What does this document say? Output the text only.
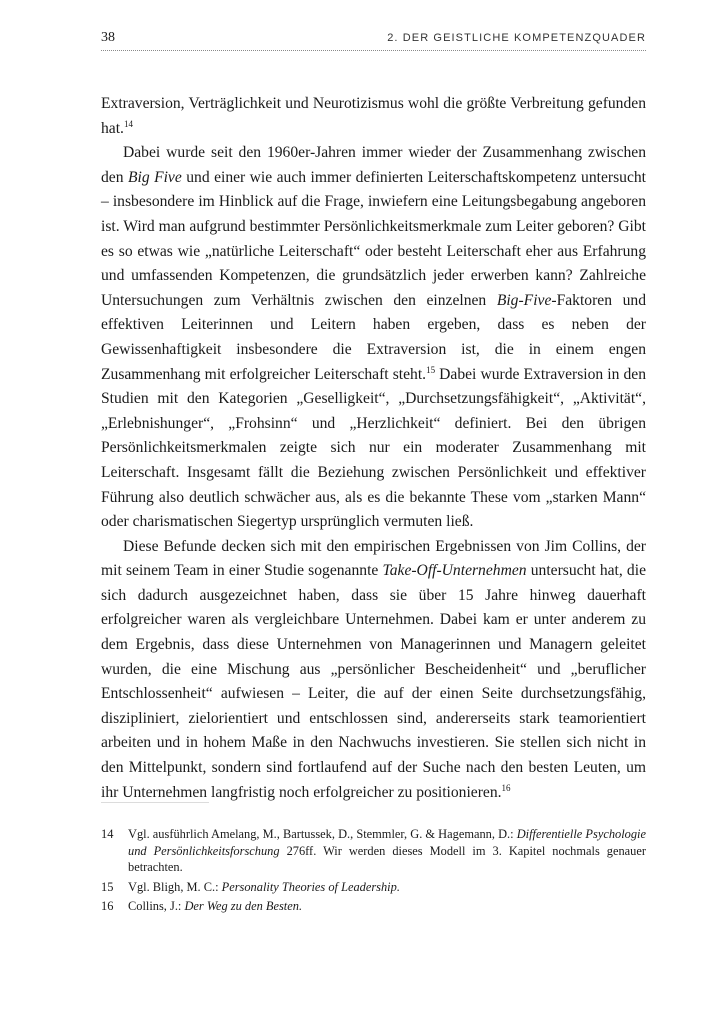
38	2. DER GEISTLICHE KOMPETENZQUADER

Extraversion, Verträglichkeit und Neurotizismus wohl die größte Verbreitung gefunden hat.$^{14}$

Dabei wurde seit den 1960er-Jahren immer wieder der Zusammenhang zwischen den Big Five und einer wie auch immer definierten Leiterschaftskompetenz untersucht – insbesondere im Hinblick auf die Frage, inwiefern eine Leitungsbegabung angeboren ist. Wird man aufgrund bestimmter Persönlichkeitsmerkmale zum Leiter geboren? Gibt es so etwas wie „natürliche Leiterschaft“ oder besteht Leiterschaft eher aus Erfahrung und umfassenden Kompetenzen, die grundsätzlich jeder erwerben kann? Zahlreiche Untersuchungen zum Verhältnis zwischen den einzelnen Big-Five-Faktoren und effektiven Leiterinnen und Leitern haben ergeben, dass es neben der Gewissenhaftigkeit insbesondere die Extraversion ist, die in einem engen Zusammenhang mit erfolgreicher Leiterschaft steht.$^{15}$ Dabei wurde Extraversion in den Studien mit den Kategorien „Geselligkeit“, „Durchsetzungsfähigkeit“, „Aktivität“, „Erlebnishunger“, „Frohsinn“ und „Herzlichkeit“ definiert. Bei den übrigen Persönlichkeitsmerkmalen zeigte sich nur ein moderater Zusammenhang mit Leiterschaft. Insgesamt fällt die Beziehung zwischen Persönlichkeit und effektiver Führung also deutlich schwächer aus, als es die bekannte These vom „starken Mann“ oder charismatischen Siegertyp ursprünglich vermuten ließ.

Diese Befunde decken sich mit den empirischen Ergebnissen von Jim Collins, der mit seinem Team in einer Studie sogenannte Take-Off-Unternehmen untersucht hat, die sich dadurch ausgezeichnet haben, dass sie über 15 Jahre hinweg dauerhaft erfolgreicher waren als vergleichbare Unternehmen. Dabei kam er unter anderem zu dem Ergebnis, dass diese Unternehmen von Managerinnen und Managern geleitet wurden, die eine Mischung aus „persönlicher Bescheidenheit“ und „beruflicher Entschlossenheit“ aufwiesen – Leiter, die auf der einen Seite durchsetzungsfähig, diszipliniert, zielorientiert und entschlossen sind, andererseits stark teamorientiert arbeiten und in hohem Maße in den Nachwuchs investieren. Sie stellen sich nicht in den Mittelpunkt, sondern sind fortlaufend auf der Suche nach den besten Leuten, um ihr Unternehmen langfristig noch erfolgreicher zu positionieren.$^{16}$

14 Vgl. ausführlich Amelang, M., Bartussek, D., Stemmler, G. & Hagemann, D.: Differentielle Psychologie und Persönlichkeitsforschung 276ff. Wir werden dieses Modell im 3. Kapitel nochmals genauer betrachten.
15 Vgl. Bligh, M. C.: Personality Theories of Leadership.
16 Collins, J.: Der Weg zu den Besten.
